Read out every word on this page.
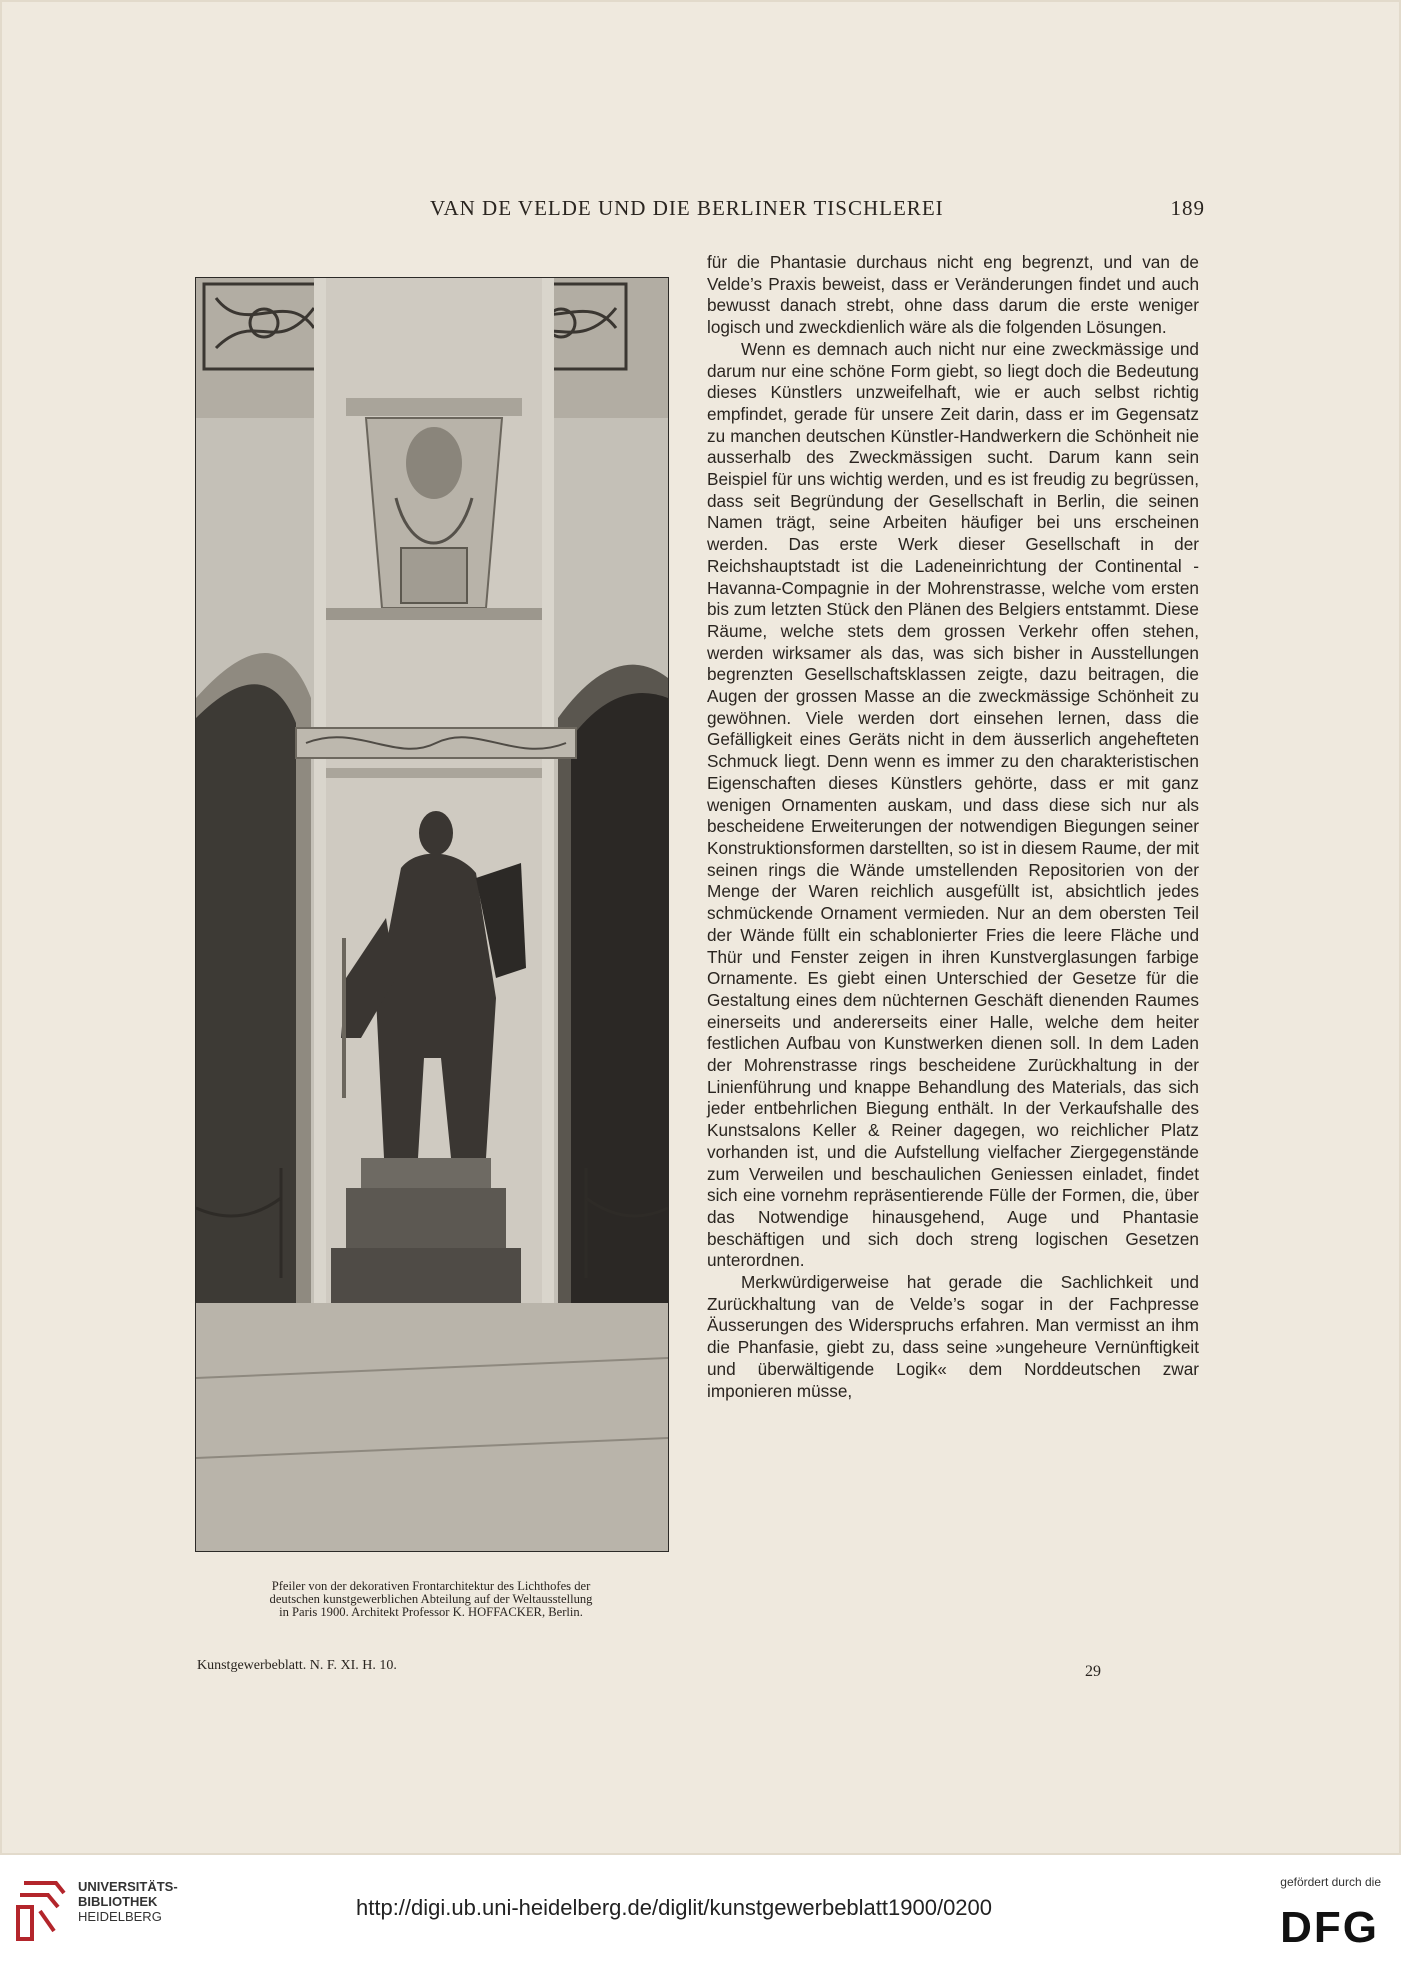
VAN DE VELDE UND DIE BERLINER TISCHLEREI	189

Pfeiler von der dekorativen Frontarchitektur des Lichthofes der

deutschen kunstgewerblichen Abteilung auf der Weltausstellung

in Paris 1900. Architekt Professor K. HOFFACKER, Berlin.

Kunstgewerbeblatt. N. F. XI. H. 10.	29

für die Phantasie durchaus nicht eng begrenzt, und van de Velde’s Praxis beweist, dass er Veränderungen findet und auch bewusst danach strebt, ohne dass darum die erste weniger logisch und zweckdienlich wäre als die folgenden Lösungen.

Wenn es demnach auch nicht nur eine zweckmässige und darum nur eine schöne Form giebt, so liegt doch die Bedeutung dieses Künstlers unzweifelhaft, wie er auch selbst richtig empfindet, gerade für unsere Zeit darin, dass er im Gegensatz zu manchen deutschen Künstler-Handwerkern die Schönheit nie ausserhalb des Zweckmässigen sucht. Darum kann sein Beispiel für uns wichtig werden, und es ist freudig zu begrüssen, dass seit Begründung der Gesellschaft in Berlin, die seinen Namen trägt, seine Arbeiten häufiger bei uns erscheinen werden. Das erste Werk dieser Gesellschaft in der Reichshauptstadt ist die Ladeneinrichtung der Continental - Havanna-Compagnie in der Mohrenstrasse, welche vom ersten bis zum letzten Stück den Plänen des Belgiers entstammt. Diese Räume, welche stets dem grossen Verkehr offen stehen, werden wirksamer als das, was sich bisher in Ausstellungen begrenzten Gesellschaftsklassen zeigte, dazu beitragen, die Augen der grossen Masse an die zweckmässige Schönheit zu gewöhnen. Viele werden dort einsehen lernen, dass die Gefälligkeit eines Geräts nicht in dem äusserlich angehefteten Schmuck liegt. Denn wenn es immer zu den charakteristischen Eigenschaften dieses Künstlers gehörte, dass er mit ganz wenigen Ornamenten auskam, und dass diese sich nur als bescheidene Erweiterungen der notwendigen Biegungen seiner Konstruktionsformen darstellten, so ist in diesem Raume, der mit seinen rings die Wände umstellenden Repositorien von der Menge der Waren reichlich ausgefüllt ist, absichtlich jedes schmückende Ornament vermieden. Nur an dem obersten Teil der Wände füllt ein schablonierter Fries die leere Fläche und Thür und Fenster zeigen in ihren Kunstverglasungen farbige Ornamente. Es giebt einen Unterschied der Gesetze für die Gestaltung eines dem nüchternen Geschäft dienenden Raumes einerseits und andererseits einer Halle, welche dem heiter festlichen Aufbau von Kunstwerken dienen soll. In dem Laden der Mohrenstrasse rings bescheidene Zurückhaltung in der Linienführung und knappe Behandlung des Materials, das sich jeder entbehrlichen Biegung enthält. In der Verkaufshalle des Kunstsalons Keller & Reiner dagegen, wo reichlicher Platz vorhanden ist, und die Aufstellung vielfacher Ziergegenstände zum Verweilen und beschaulichen Geniessen einladet, findet sich eine vornehm repräsentierende Fülle der Formen, die, über das Notwendige hinausgehend, Auge und Phantasie beschäftigen und sich doch streng logischen Gesetzen unterordnen.

Merkwürdigerweise hat gerade die Sachlichkeit und Zurückhaltung van de Velde’s sogar in der Fachpresse Äusserungen des Widerspruchs erfahren. Man vermisst an ihm die Phanfasie, giebt zu, dass seine »ungeheure Vernünftigkeit und überwältigende Logik« dem Norddeutschen zwar imponieren müsse,

UNIVERSITÄTS-
BIBLIOTHEK
HEIDELBERG	http://digi.ub.uni-heidelberg.de/diglit/kunstgewerbeblatt1900/0200
gefördert durch die
DFG
